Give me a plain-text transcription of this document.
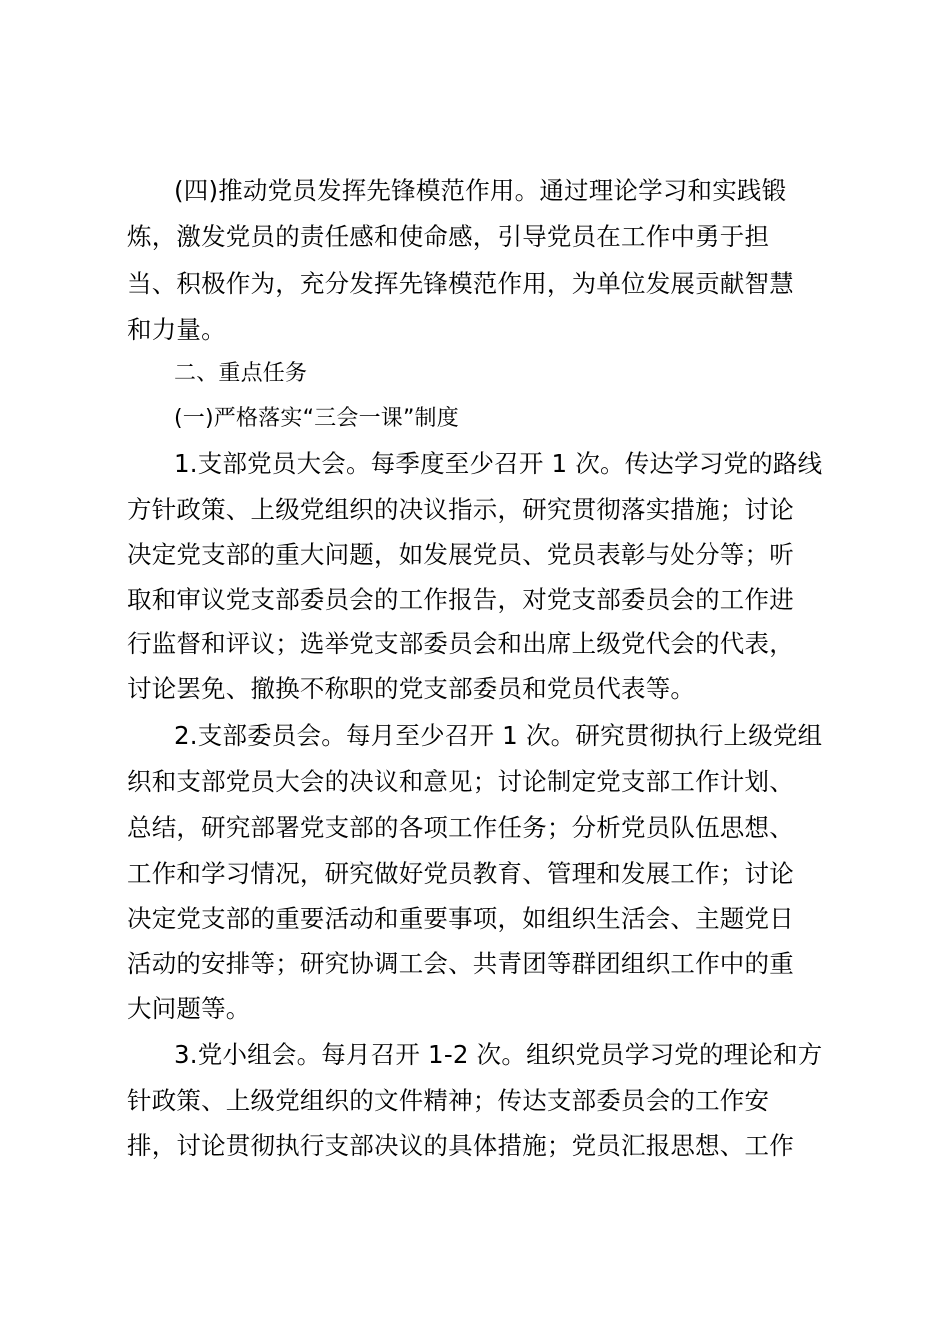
(四)推动党员发挥先锋模范作用。通过理论学习和实践锻
炼，激发党员的责任感和使命感，引导党员在工作中勇于担
当、积极作为，充分发挥先锋模范作用，为单位发展贡献智慧
和力量。
二、重点任务
(一)严格落实“三会一课”制度
1.支部党员大会。每季度至少召开 1 次。传达学习党的路线
方针政策、上级党组织的决议指示，研究贯彻落实措施；讨论
决定党支部的重大问题，如发展党员、党员表彰与处分等；听
取和审议党支部委员会的工作报告，对党支部委员会的工作进
行监督和评议；选举党支部委员会和出席上级党代会的代表，
讨论罢免、撤换不称职的党支部委员和党员代表等。
2.支部委员会。每月至少召开 1 次。研究贯彻执行上级党组
织和支部党员大会的决议和意见；讨论制定党支部工作计划、
总结，研究部署党支部的各项工作任务；分析党员队伍思想、
工作和学习情况，研究做好党员教育、管理和发展工作；讨论
决定党支部的重要活动和重要事项，如组织生活会、主题党日
活动的安排等；研究协调工会、共青团等群团组织工作中的重
大问题等。
3.党小组会。每月召开 1-2 次。组织党员学习党的理论和方
针政策、上级党组织的文件精神；传达支部委员会的工作安
排，讨论贯彻执行支部决议的具体措施；党员汇报思想、工作
